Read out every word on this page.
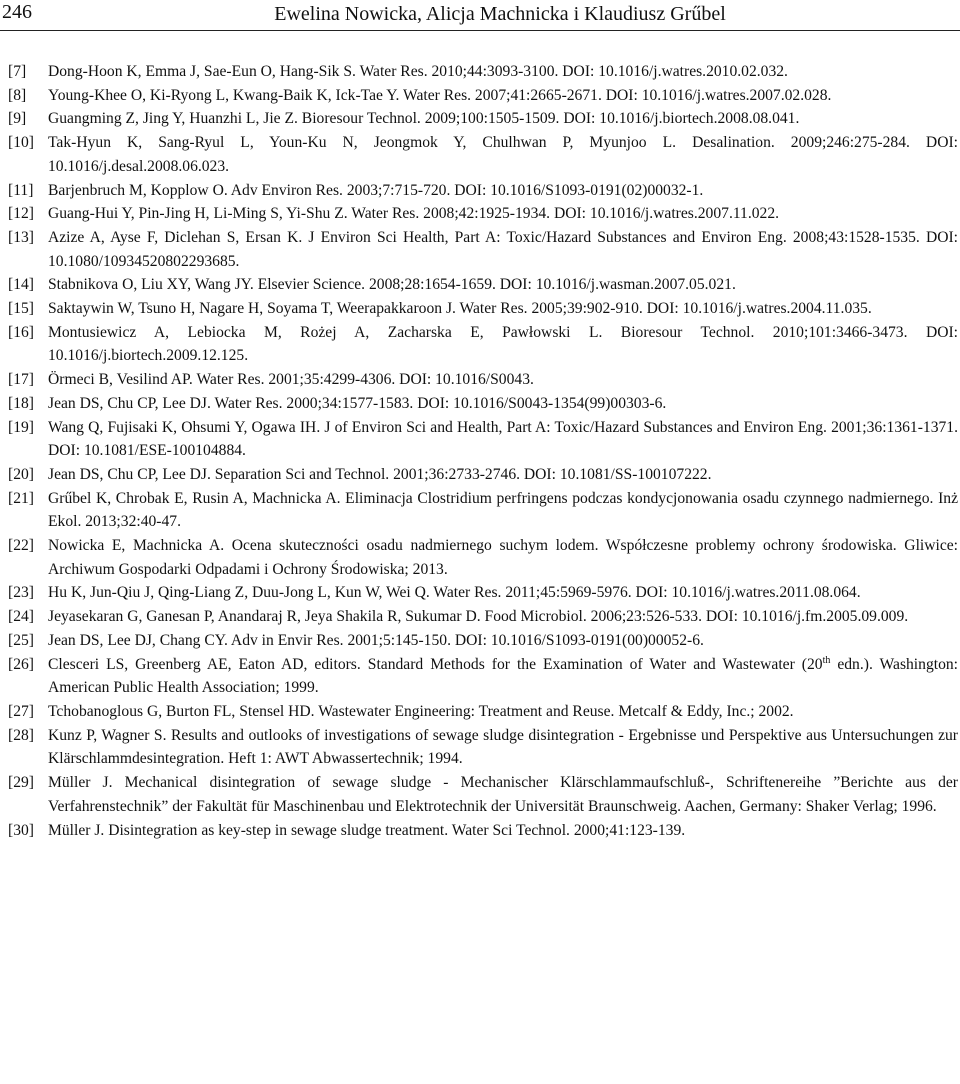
246	Ewelina Nowicka, Alicja Machnicka i Klaudiusz Grűbel
[7]	Dong-Hoon K, Emma J, Sae-Eun O, Hang-Sik S. Water Res. 2010;44:3093-3100. DOI: 10.1016/j.watres.2010.02.032.
[8]	Young-Khee O, Ki-Ryong L, Kwang-Baik K, Ick-Tae Y. Water Res. 2007;41:2665-2671. DOI: 10.1016/j.watres.2007.02.028.
[9]	Guangming Z, Jing Y, Huanzhi L, Jie Z. Bioresour Technol. 2009;100:1505-1509. DOI: 10.1016/j.biortech.2008.08.041.
[10] Tak-Hyun K, Sang-Ryul L, Youn-Ku N, Jeongmok Y, Chulhwan P, Myunjoo L. Desalination. 2009;246:275-284. DOI: 10.1016/j.desal.2008.06.023.
[11] Barjenbruch M, Kopplow O. Adv Environ Res. 2003;7:715-720. DOI: 10.1016/S1093-0191(02)00032-1.
[12] Guang-Hui Y, Pin-Jing H, Li-Ming S, Yi-Shu Z. Water Res. 2008;42:1925-1934. DOI: 10.1016/j.watres.2007.11.022.
[13] Azize A, Ayse F, Diclehan S, Ersan K. J Environ Sci Health, Part A: Toxic/Hazard Substances and Environ Eng. 2008;43:1528-1535. DOI: 10.1080/10934520802293685.
[14] Stabnikova O, Liu XY, Wang JY. Elsevier Science. 2008;28:1654-1659. DOI: 10.1016/j.wasman.2007.05.021.
[15] Saktaywin W, Tsuno H, Nagare H, Soyama T, Weerapakkaroon J. Water Res. 2005;39:902-910. DOI: 10.1016/j.watres.2004.11.035.
[16] Montusiewicz A, Lebiocka M, Rożej A, Zacharska E, Pawłowski L. Bioresour Technol. 2010;101:3466-3473. DOI: 10.1016/j.biortech.2009.12.125.
[17] Örmeci B, Vesilind AP. Water Res. 2001;35:4299-4306. DOI: 10.1016/S0043.
[18] Jean DS, Chu CP, Lee DJ. Water Res. 2000;34:1577-1583. DOI: 10.1016/S0043-1354(99)00303-6.
[19] Wang Q, Fujisaki K, Ohsumi Y, Ogawa IH. J of Environ Sci and Health, Part A: Toxic/Hazard Substances and Environ Eng. 2001;36:1361-1371. DOI: 10.1081/ESE-100104884.
[20] Jean DS, Chu CP, Lee DJ. Separation Sci and Technol. 2001;36:2733-2746. DOI: 10.1081/SS-100107222.
[21] Grűbel K, Chrobak E, Rusin A, Machnicka A. Eliminacja Clostridium perfringens podczas kondycjonowania osadu czynnego nadmiernego. Inż Ekol. 2013;32:40-47.
[22] Nowicka E, Machnicka A. Ocena skuteczności osadu nadmiernego suchym lodem. Współczesne problemy ochrony środowiska. Gliwice: Archiwum Gospodarki Odpadami i Ochrony Środowiska; 2013.
[23] Hu K, Jun-Qiu J, Qing-Liang Z, Duu-Jong L, Kun W, Wei Q. Water Res. 2011;45:5969-5976. DOI: 10.1016/j.watres.2011.08.064.
[24] Jeyasekaran G, Ganesan P, Anandaraj R, Jeya Shakila R, Sukumar D. Food Microbiol. 2006;23:526-533. DOI: 10.1016/j.fm.2005.09.009.
[25] Jean DS, Lee DJ, Chang CY. Adv in Envir Res. 2001;5:145-150. DOI: 10.1016/S1093-0191(00)00052-6.
[26] Clesceri LS, Greenberg AE, Eaton AD, editors. Standard Methods for the Examination of Water and Wastewater (20th edn.). Washington: American Public Health Association; 1999.
[27] Tchobanoglous G, Burton FL, Stensel HD. Wastewater Engineering: Treatment and Reuse. Metcalf & Eddy, Inc.; 2002.
[28] Kunz P, Wagner S. Results and outlooks of investigations of sewage sludge disintegration - Ergebnisse und Perspektive aus Untersuchungen zur Klärschlammdesintegration. Heft 1: AWT Abwassertechnik; 1994.
[29] Müller J. Mechanical disintegration of sewage sludge - Mechanischer Klärschlammaufschluß-, Schriftenereihe ”Berichte aus der Verfahrenstechnik” der Fakultät für Maschinenbau und Elektrotechnik der Universität Braunschweig. Aachen, Germany: Shaker Verlag; 1996.
[30] Müller J. Disintegration as key-step in sewage sludge treatment. Water Sci Technol. 2000;41:123-139.
